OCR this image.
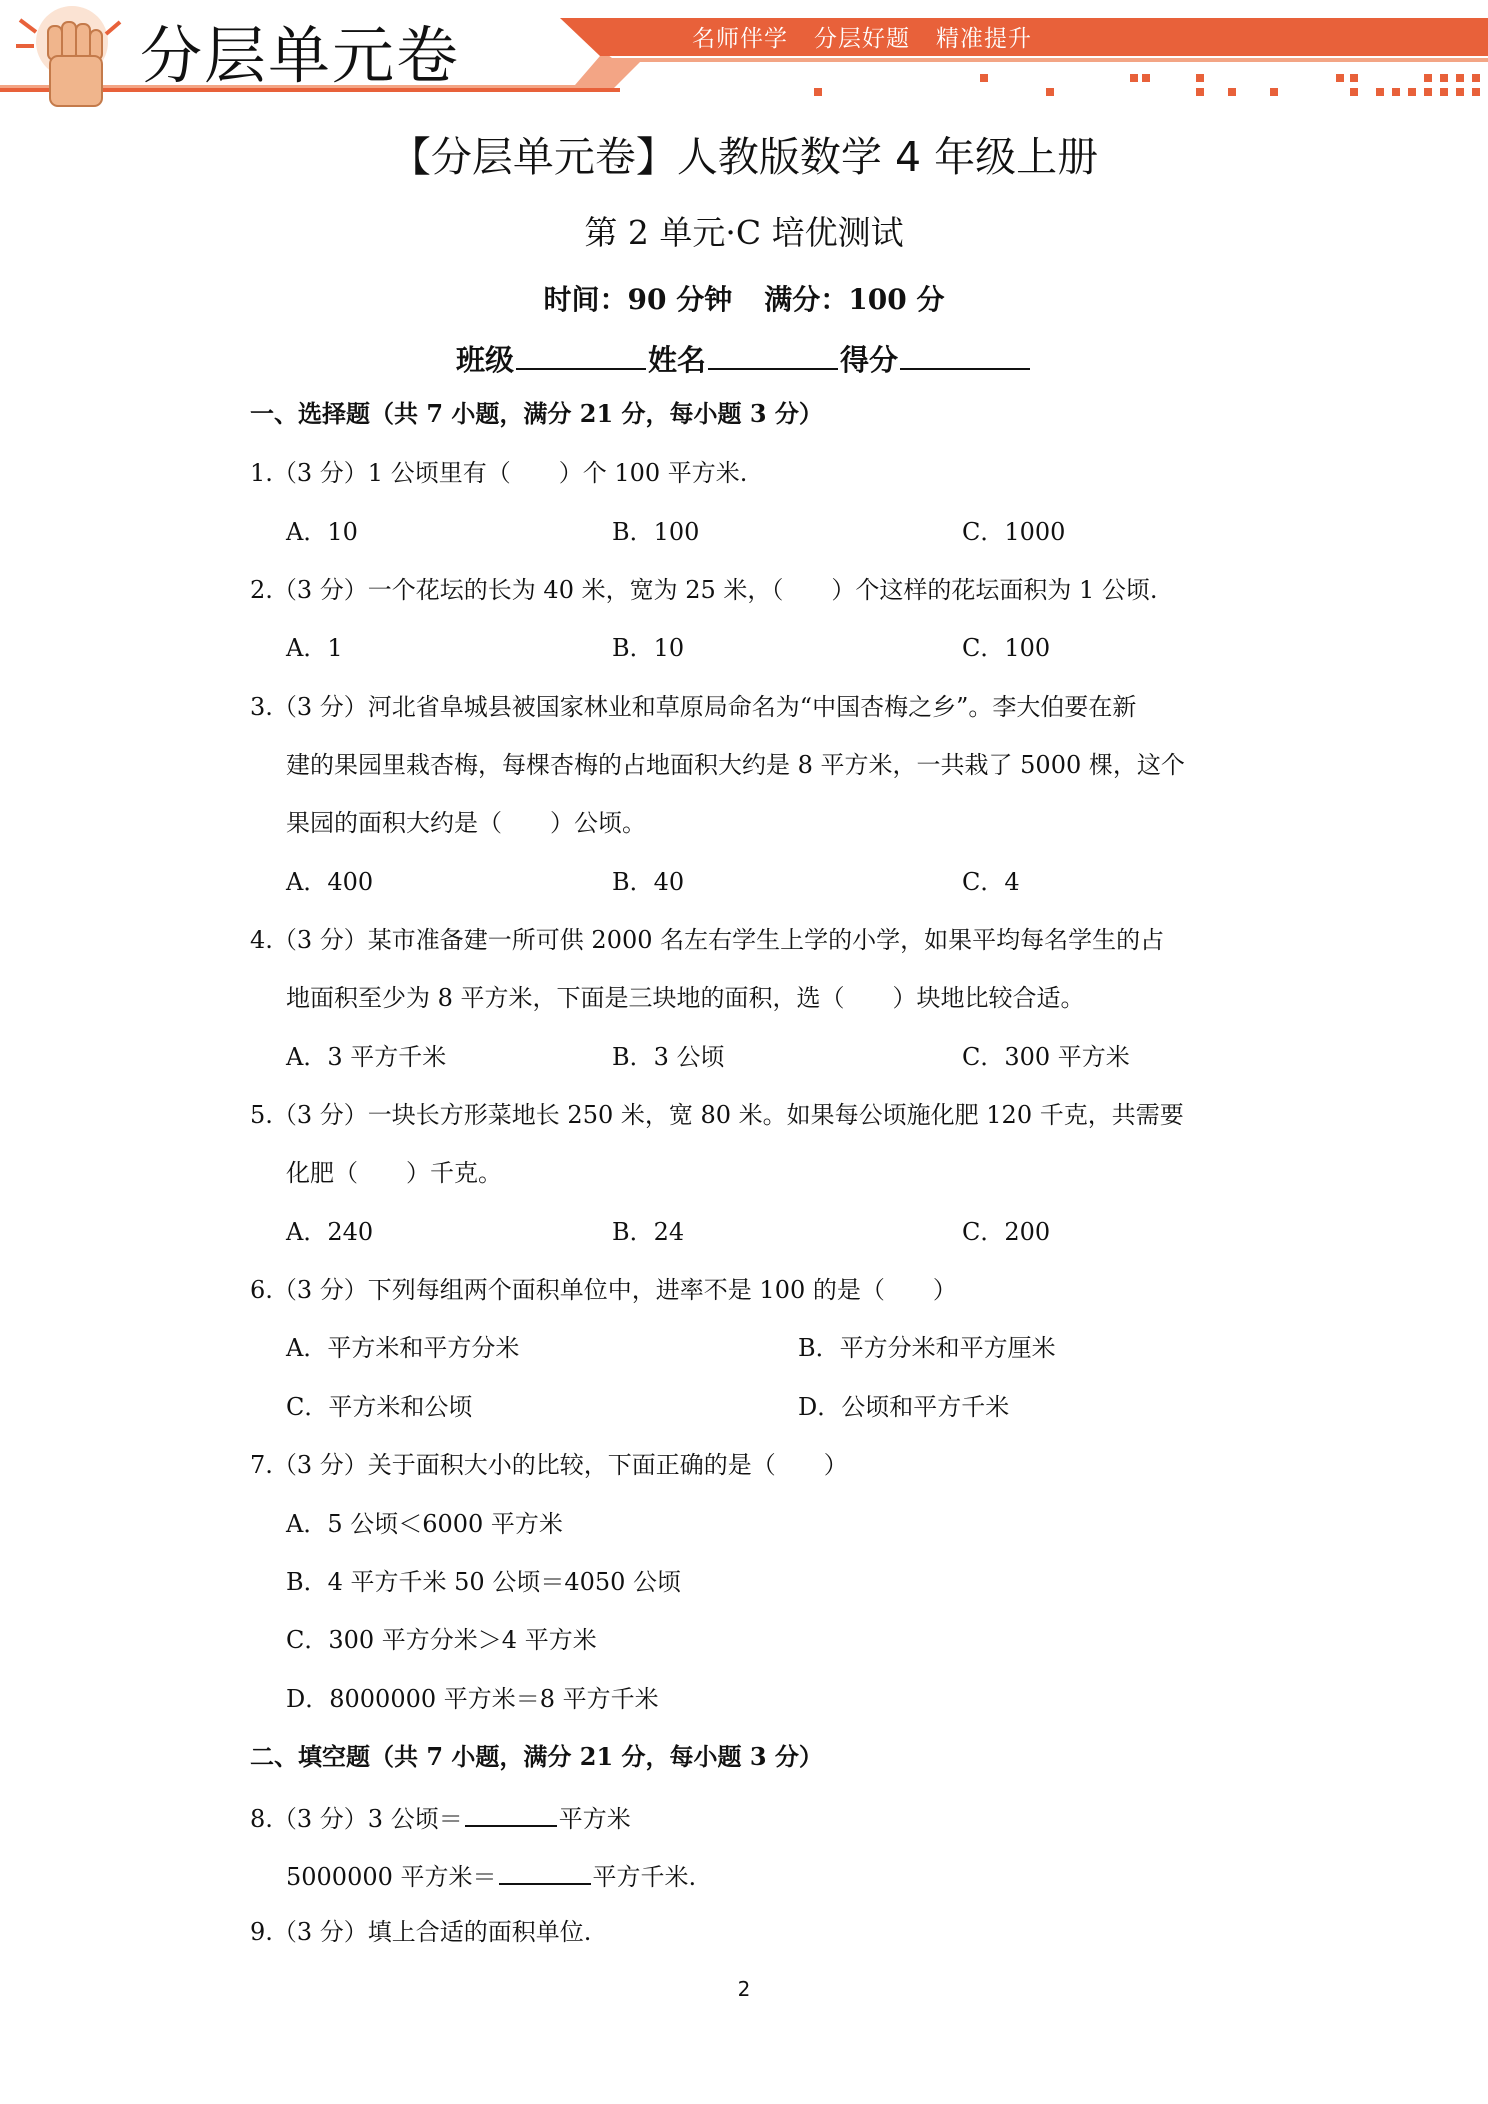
分层单元卷	名师伴学 分层好题 精准提升
【分层单元卷】人教版数学 4 年级上册
第 2 单元·C 培优测试
时间：90 分钟 满分：100 分
班级	姓名	得分
一、选择题（共 7 小题，满分 21 分，每小题 3 分）
1.（3 分）1 公顷里有（　　）个 100 平方米.
A．10	B．100	C．1000
2.（3 分）一个花坛的长为 40 米，宽为 25 米，（　　）个这样的花坛面积为 1 公顷.
A．1	B．10	C．100
3.（3 分）河北省阜城县被国家林业和草原局命名为“中国杏梅之乡”。李大伯要在新
建的果园里栽杏梅，每棵杏梅的占地面积大约是 8 平方米，一共栽了 5000 棵，这个
果园的面积大约是（　　）公顷。
A．400	B．40	C．4
4.（3 分）某市准备建一所可供 2000 名左右学生上学的小学，如果平均每名学生的占
地面积至少为 8 平方米，下面是三块地的面积，选（　　）块地比较合适。
A．3 平方千米	B．3 公顷	C．300 平方米
5.（3 分）一块长方形菜地长 250 米，宽 80 米。如果每公顷施化肥 120 千克，共需要
化肥（　　）千克。
A．240	B．24	C．200
6.（3 分）下列每组两个面积单位中，进率不是 100 的是（　　）
A．平方米和平方分米	B．平方分米和平方厘米
C．平方米和公顷	D．公顷和平方千米
7.（3 分）关于面积大小的比较，下面正确的是（　　）
A．5 公顷＜6000 平方米
B．4 平方千米 50 公顷＝4050 公顷
C．300 平方分米＞4 平方米
D．8000000 平方米＝8 平方千米
二、填空题（共 7 小题，满分 21 分，每小题 3 分）
8.（3 分）3 公顷＝	平方米
5000000 平方米＝	平方千米.
9.（3 分）填上合适的面积单位.
2
